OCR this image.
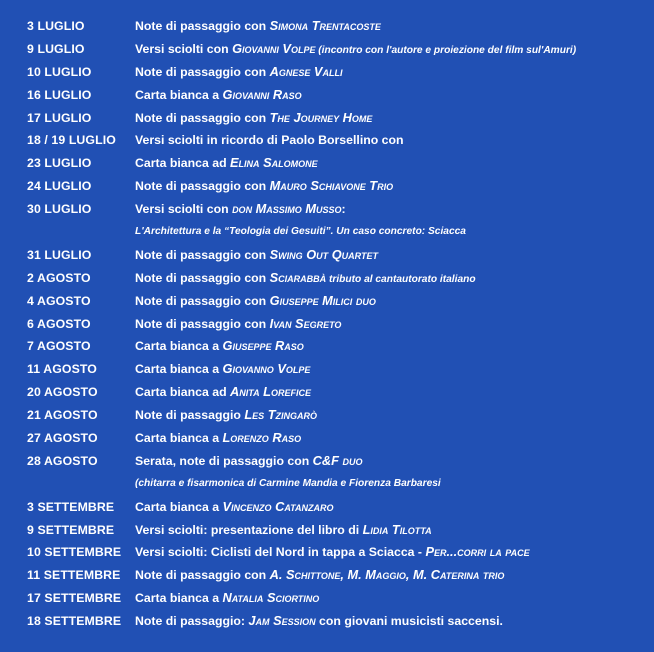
3 LUGLIO	Note di passaggio con Simona Trentacoste
9 LUGLIO	Versi sciolti con Giovanni Volpe (incontro con l'autore e proiezione del film sul'Amuri)
10 LUGLIO	Note di passaggio con Agnese Valli
16 LUGLIO	Carta bianca a Giovanni Raso
17 LUGLIO	Note di passaggio con The Journey Home
18 / 19 LUGLIO Versi sciolti in ricordo di Paolo Borsellino con
23 LUGLIO	Carta bianca ad Elina Salomone
24 LUGLIO	Note di passaggio con Mauro Schiavone Trio
30 LUGLIO	Versi sciolti con don Massimo Musso:
L'Architettura e la “Teologia dei Gesuiti”. Un caso concreto: Sciacca
31 LUGLIO	Note di passaggio con Swing Out Quartet
2 AGOSTO	Note di passaggio con Sciarabbà tributo al cantautorato italiano
4 AGOSTO	Note di passaggio con Giuseppe Milici duo
6 AGOSTO	Note di passaggio con Ivan Segreto
7 AGOSTO	Carta bianca a Giuseppe Raso
11 AGOSTO	Carta bianca a Giovanno Volpe
20 AGOSTO	Carta bianca ad Anita Lorefice
21 AGOSTO	Note di passaggio Les Tzingarò
27 AGOSTO	Carta bianca a Lorenzo Raso
28 AGOSTO	Serata, note di passaggio con C&F duo
(chitarra e fisarmonica di Carmine Mandia e Fiorenza Barbaresi
3 SETTEMBRE Carta bianca a Vincenzo Catanzaro
9 SETTEMBRE Versi sciolti: presentazione del libro di Lidia Tilotta
10 SETTEMBRE Versi sciolti: Ciclisti del Nord in tappa a Sciacca - Per...corri la pace
11 SETTEMBRE Note di passaggio con A. Schittone, M. Maggio, M. Caterina trio
17 SETTEMBRE Carta bianca a Natalia Sciortino
18 SETTEMBRE Note di passaggio: Jam Session con giovani musicisti saccensi.
